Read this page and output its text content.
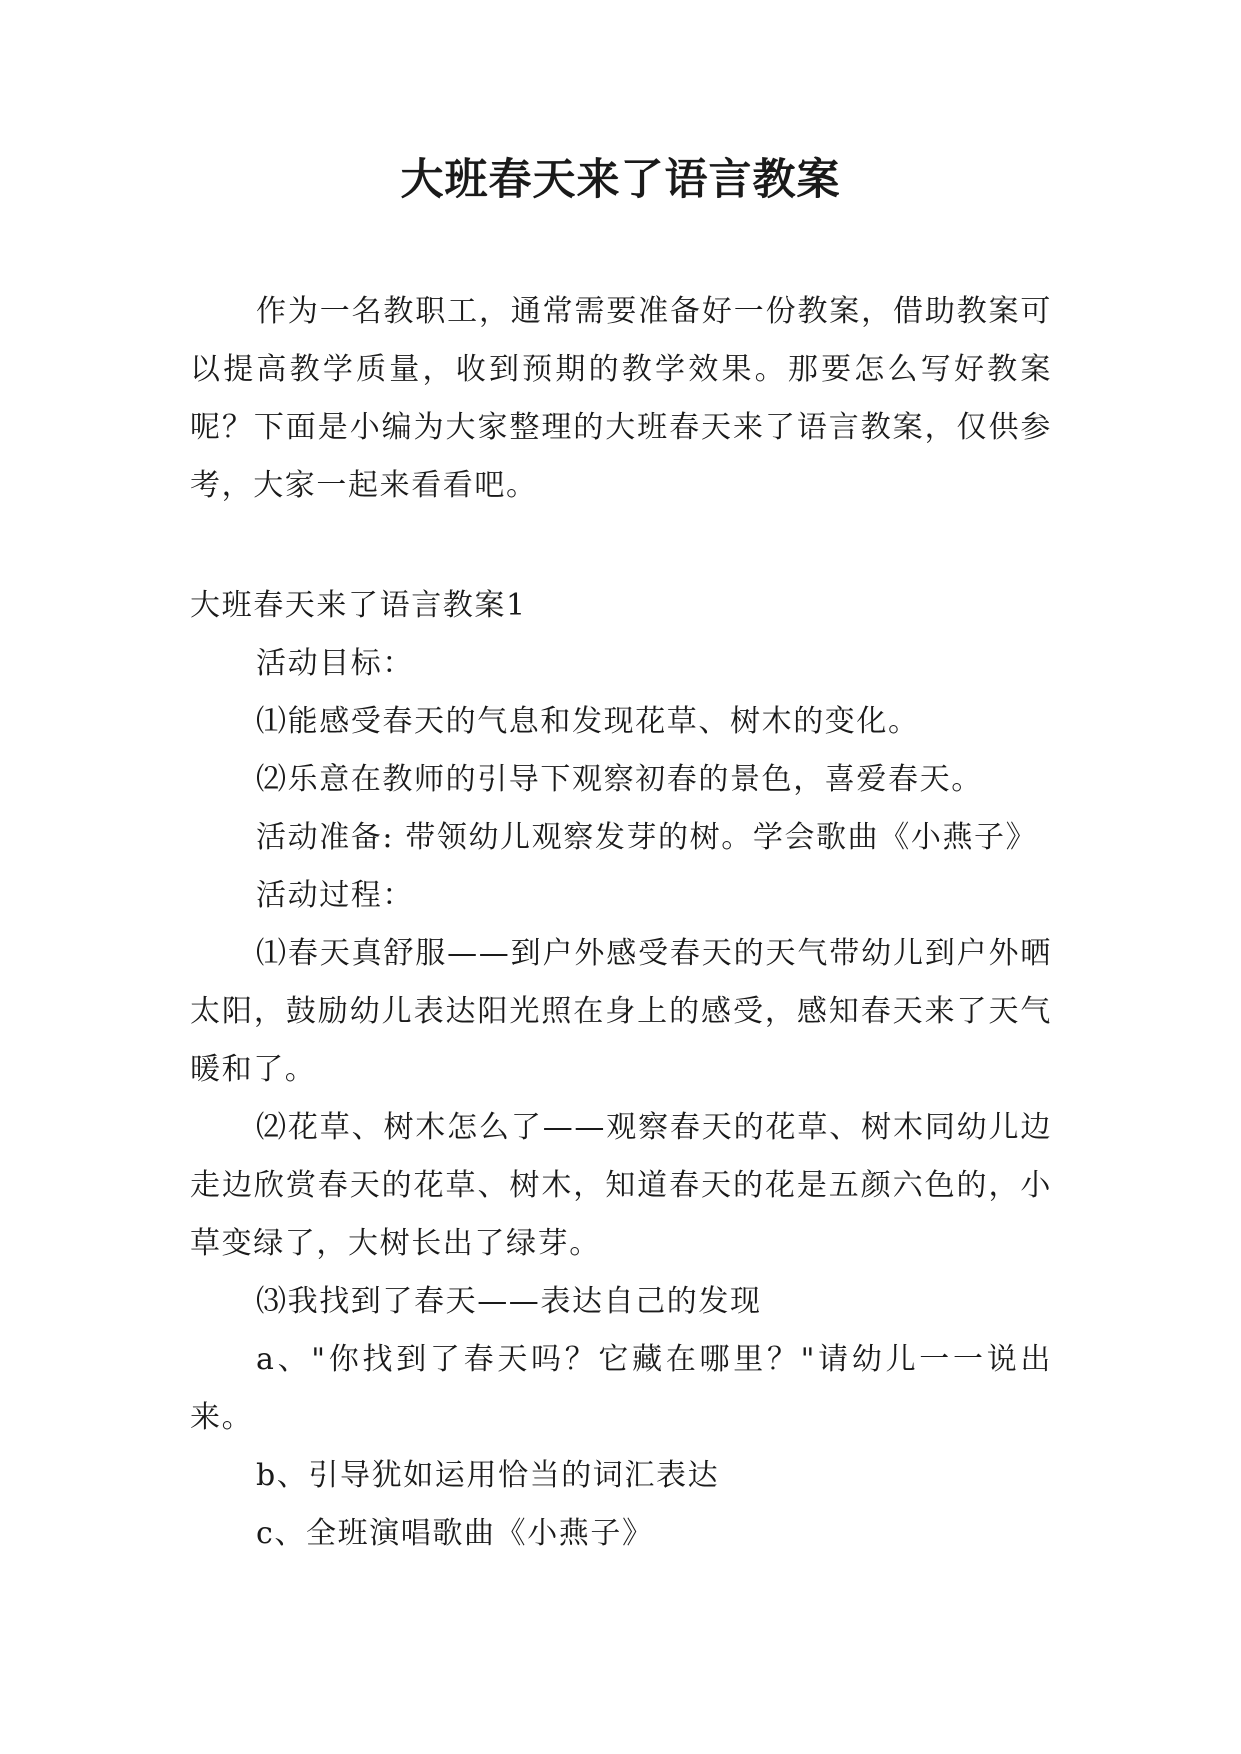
大班春天来了语言教案

作为一名教职工，通常需要准备好一份教案，借助教案可以提高教学质量，收到预期的教学效果。那要怎么写好教案呢？下面是小编为大家整理的大班春天来了语言教案，仅供参考，大家一起来看看吧。

大班春天来了语言教案1

活动目标：

⑴能感受春天的气息和发现花草、树木的变化。

⑵乐意在教师的引导下观察初春的景色，喜爱春天。

活动准备: 带领幼儿观察发芽的树。学会歌曲《小燕子》

活动过程：

⑴春天真舒服——到户外感受春天的天气带幼儿到户外晒太阳，鼓励幼儿表达阳光照在身上的感受，感知春天来了天气暖和了。

⑵花草、树木怎么了——观察春天的花草、树木同幼儿边走边欣赏春天的花草、树木，知道春天的花是五颜六色的，小草变绿了，大树长出了绿芽。

⑶我找到了春天——表达自己的发现

a、"你找到了春天吗？它藏在哪里？"请幼儿一一说出来。

b、引导犹如运用恰当的词汇表达

c、全班演唱歌曲《小燕子》
